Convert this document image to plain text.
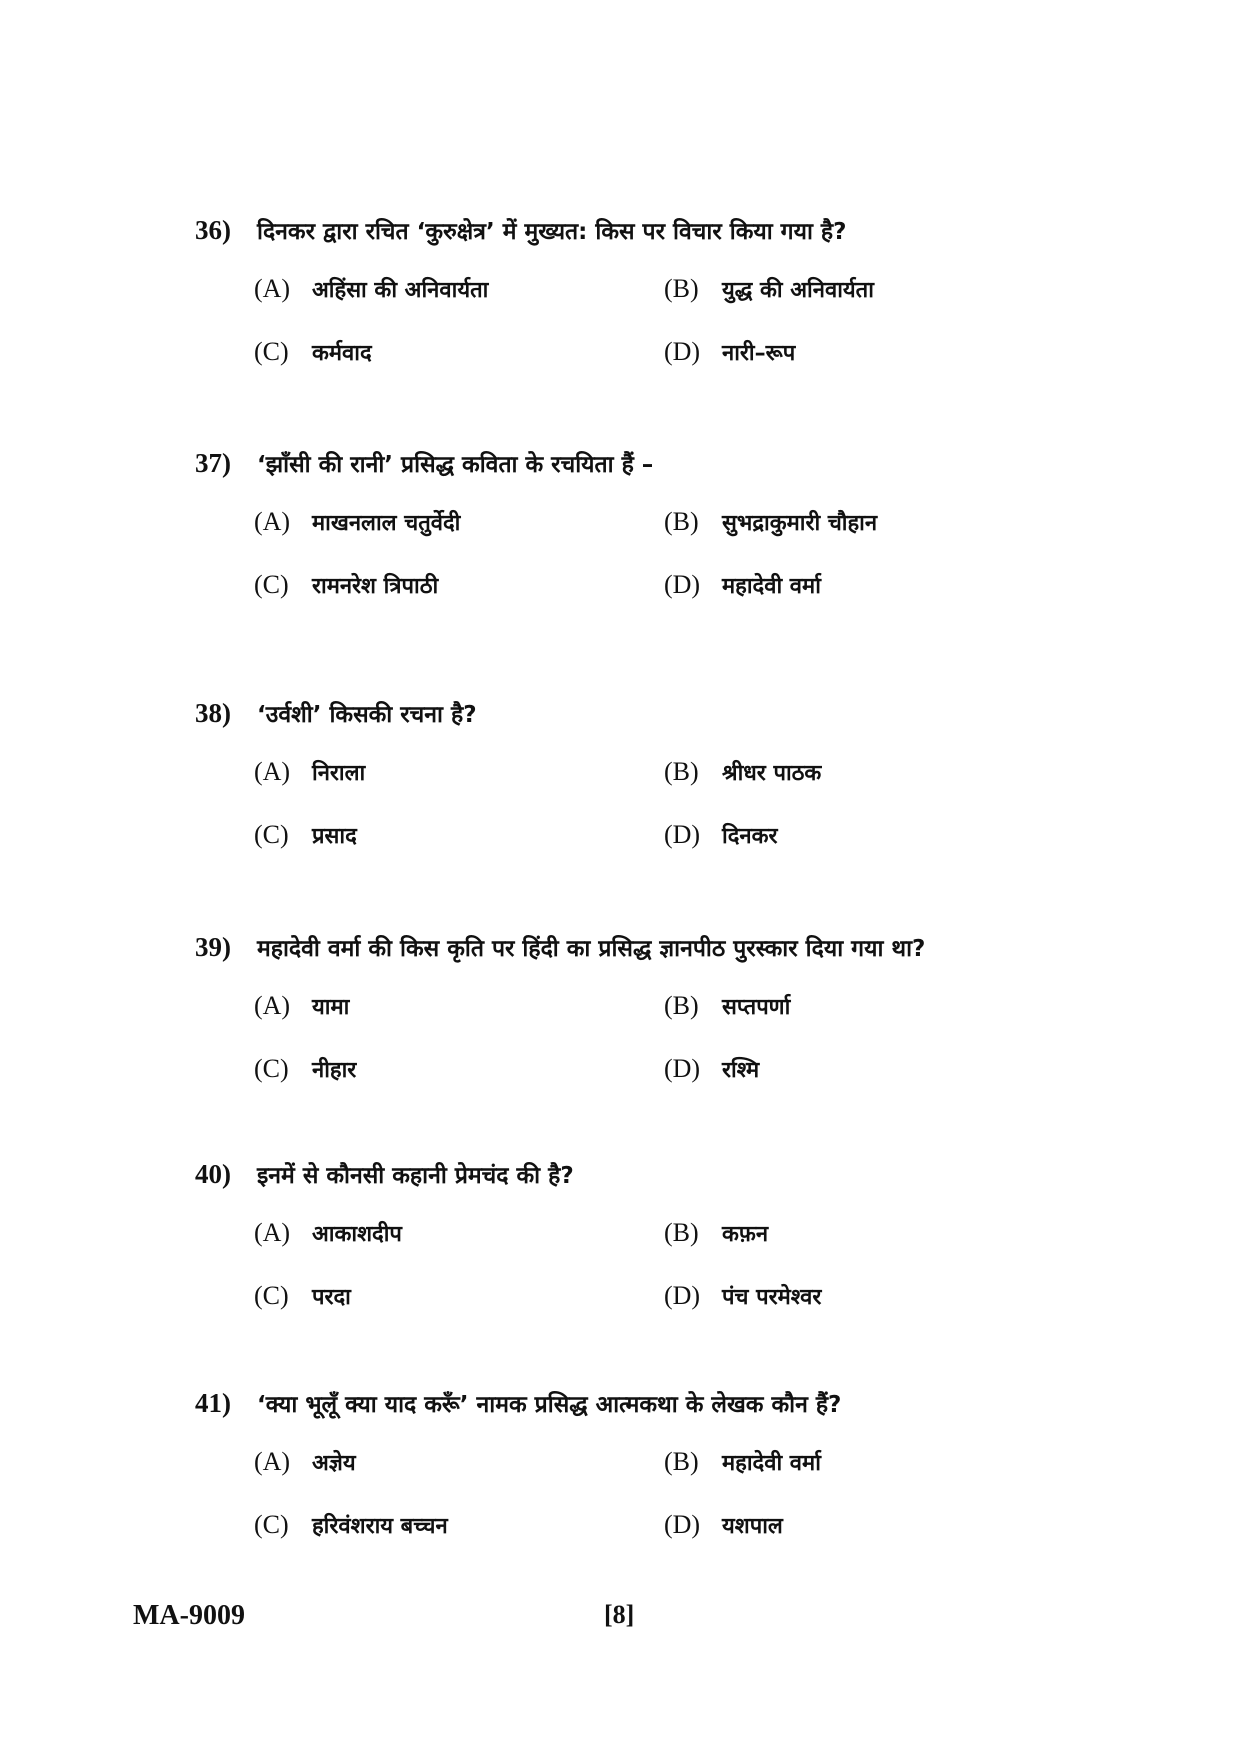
36)	दिनकर द्वारा रचित ‘कुरुक्षेत्र’ में मुख्यत: किस पर विचार किया गया है?
(A) अहिंसा की अनिवार्यता	(B)	युद्ध की अनिवार्यता
(C)	कर्मवाद	(D) नारी–रूप
37)	‘झाँसी की रानी’ प्रसिद्ध कविता के रचयिता हैं –
(A) माखनलाल चतुर्वेदी	(B)	सुभद्राकुमारी चौहान
(C)	रामनरेश त्रिपाठी	(D) महादेवी वर्मा
38)	‘उर्वशी’ किसकी रचना है?
(A) निराला	(B)	श्रीधर पाठक
(C)	प्रसाद	(D) दिनकर
39)	महादेवी वर्मा की किस कृति पर हिंदी का प्रसिद्ध ज्ञानपीठ पुरस्कार दिया गया था?
(A) यामा	(B)	सप्तपर्णा
(C)	नीहार	(D) रश्मि
40)	इनमें से कौनसी कहानी प्रेमचंद की है?
(A) आकाशदीप	(B)	कफ़न
(C)	परदा	(D) पंच परमेश्वर
41)	‘क्या भूलूँ क्या याद करूँ’ नामक प्रसिद्ध आत्मकथा के लेखक कौन हैं?
(A) अज्ञेय	(B)	महादेवी वर्मा
(C)	हरिवंशराय बच्चन	(D) यशपाल
MA-9009	[8]
